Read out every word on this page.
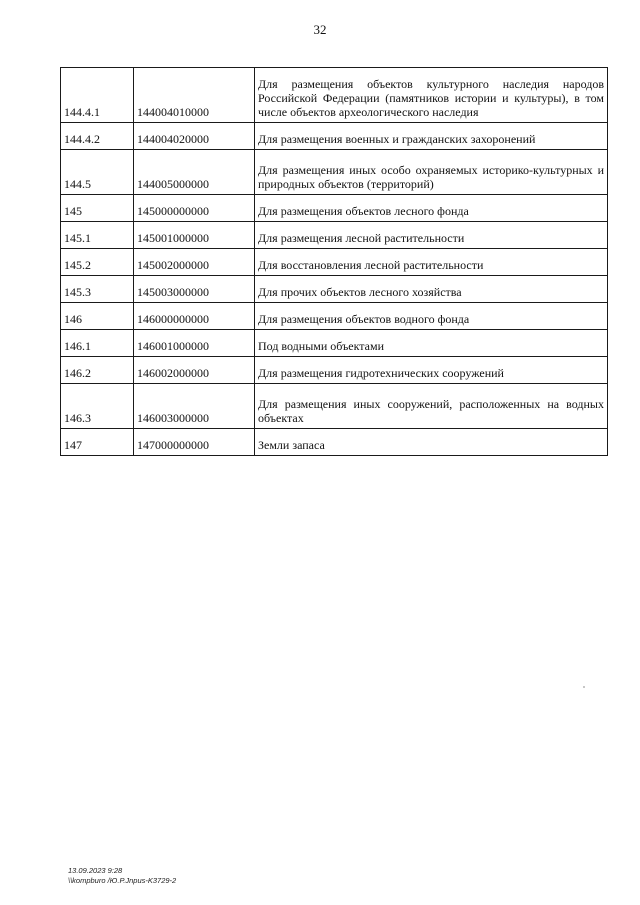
32
144.4.1	144004010000	Для размещения объектов культурного наследия народов Российской Федерации (памятников истории и культуры), в том числе объектов археологического наследия
144.4.2	144004020000	Для размещения военных и гражданских захоронений
144.5	144005000000	Для размещения иных особо охраняемых историко-культурных и природных объектов (территорий)
145	145000000000	Для размещения объектов лесного фонда
145.1	145001000000	Для размещения лесной растительности
145.2	145002000000	Для восстановления лесной растительности
145.3	145003000000	Для прочих объектов лесного хозяйства
146	146000000000	Для размещения объектов водного фонда
146.1	146001000000	Под водными объектами
146.2	146002000000	Для размещения гидротехнических сооружений
146.3	146003000000	Для размещения иных сооружений, расположенных на водных объектах
147	147000000000	Земли запаса
13.09.2023 9:28
\\kompburo /Ю.Р.Jnpus-K3729-2
